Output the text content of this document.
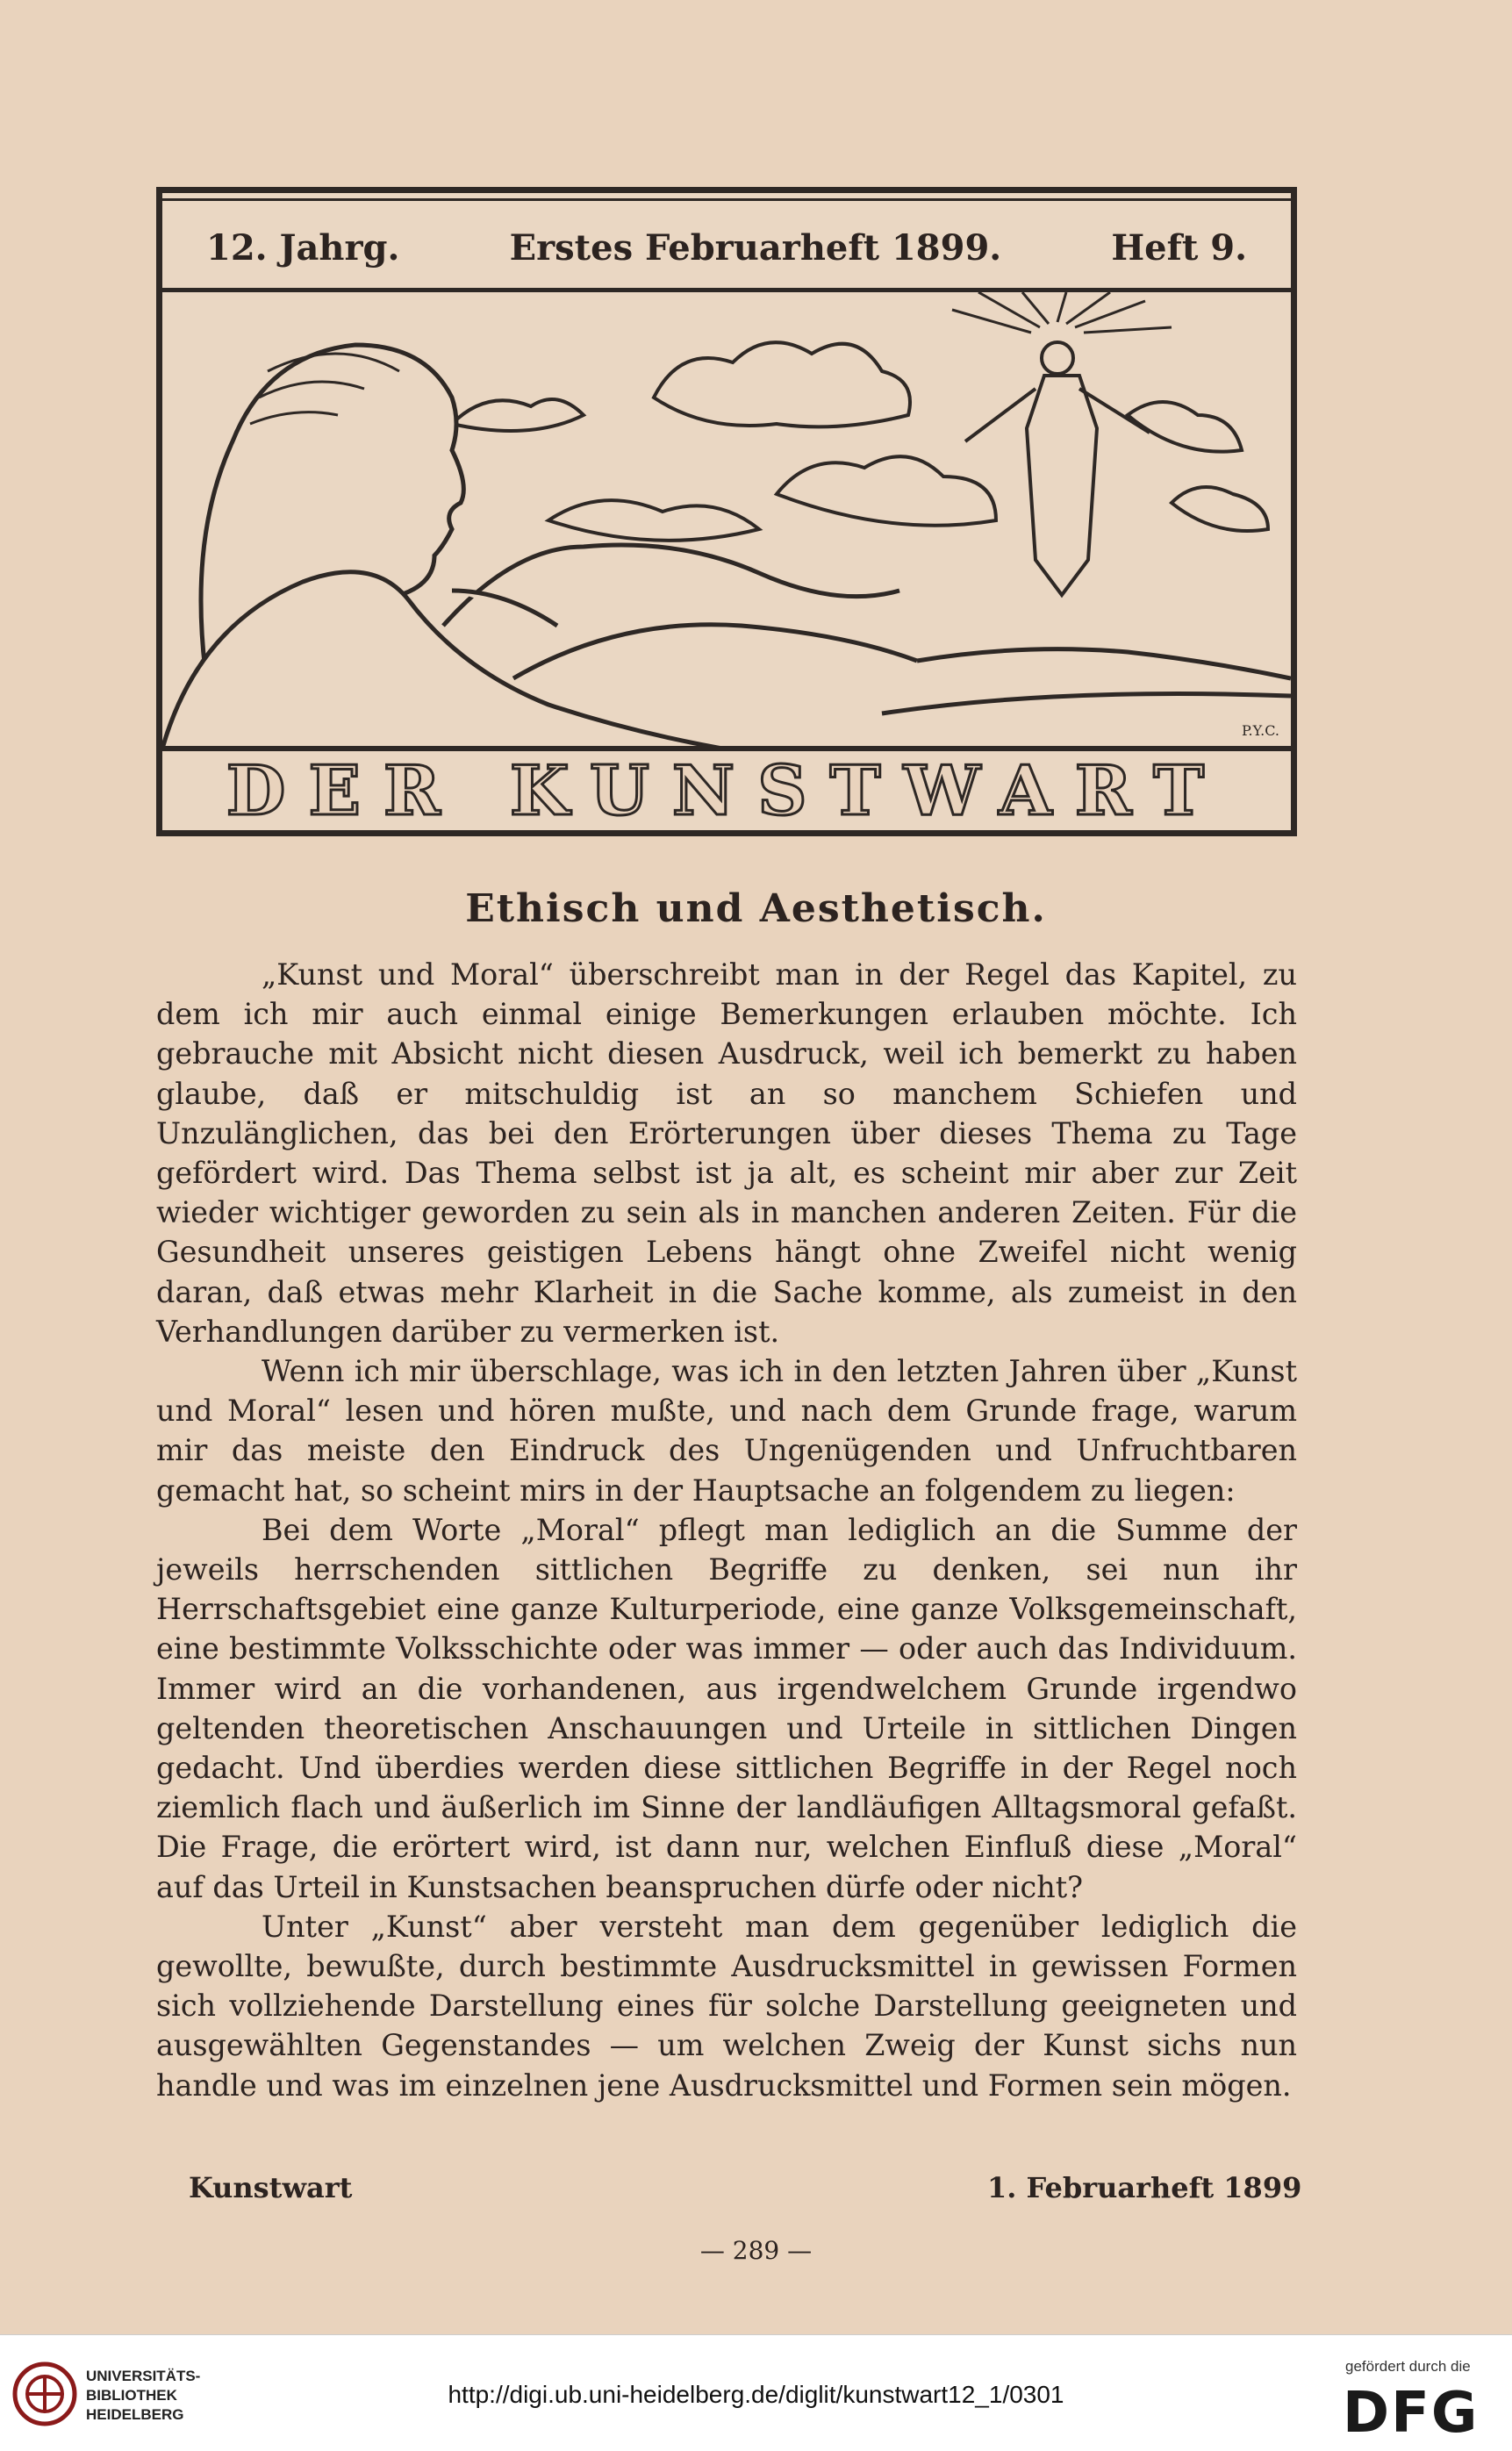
12. Jahrg.	Erstes Februarheft 1899.	Heft 9.
P.Y.C.
DER KUNSTWART
Ethisch und Aesthetisch.

„Kunst und Moral“ überschreibt man in der Regel das Kapitel, zu dem ich mir auch einmal einige Bemerkungen erlauben möchte. Ich gebrauche mit Absicht nicht diesen Ausdruck, weil ich bemerkt zu haben glaube, daß er mitschuldig ist an so manchem Schiefen und Unzulänglichen, das bei den Erörterungen über dieses Thema zu Tage gefördert wird. Das Thema selbst ist ja alt, es scheint mir aber zur Zeit wieder wichtiger geworden zu sein als in manchen anderen Zeiten. Für die Gesundheit unseres geistigen Lebens hängt ohne Zweifel nicht wenig daran, daß etwas mehr Klarheit in die Sache komme, als zumeist in den Verhandlungen darüber zu vermerken ist.

Wenn ich mir überschlage, was ich in den letzten Jahren über „Kunst und Moral“ lesen und hören mußte, und nach dem Grunde frage, warum mir das meiste den Eindruck des Ungenügenden und Unfruchtbaren gemacht hat, so scheint mirs in der Hauptsache an folgendem zu liegen:

Bei dem Worte „Moral“ pflegt man lediglich an die Summe der jeweils herrschenden sittlichen Begriffe zu denken, sei nun ihr Herrschaftsgebiet eine ganze Kulturperiode, eine ganze Volksgemeinschaft, eine bestimmte Volksschichte oder was immer — oder auch das Individuum. Immer wird an die vorhandenen, aus irgendwelchem Grunde irgendwo geltenden theoretischen Anschauungen und Urteile in sittlichen Dingen gedacht. Und überdies werden diese sittlichen Begriffe in der Regel noch ziemlich flach und äußerlich im Sinne der landläufigen Alltagsmoral gefaßt. Die Frage, die erörtert wird, ist dann nur, welchen Einfluß diese „Moral“ auf das Urteil in Kunstsachen beanspruchen dürfe oder nicht?

Unter „Kunst“ aber versteht man dem gegenüber lediglich die gewollte, bewußte, durch bestimmte Ausdrucksmittel in gewissen Formen sich vollziehende Darstellung eines für solche Darstellung geeigneten und ausgewählten Gegenstandes — um welchen Zweig der Kunst sichs nun handle und was im einzelnen jene Ausdrucksmittel und Formen sein mögen.

Kunstwart	1. Februarheft 1899
— 289 —
UNIVERSITÄTS-
BIBLIOTHEK
HEIDELBERG
http://digi.ub.uni-heidelberg.de/diglit/kunstwart12_1/0301
gefördert durch die
DFG
